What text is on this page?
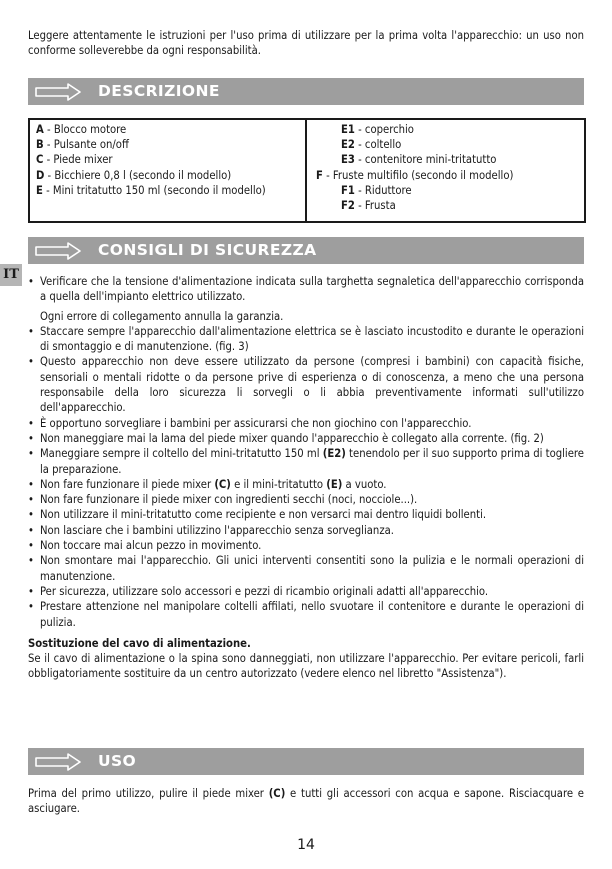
Leggere attentamente le istruzioni per l'uso prima di utilizzare per la prima volta l'apparecchio: un uso non conforme solleverebbe da ogni responsabilità.
DESCRIZIONE
A - Blocco motore
B - Pulsante on/off
C - Piede mixer
D - Bicchiere 0,8 l (secondo il modello)
E - Mini tritatutto 150 ml (secondo il modello)
E1 - coperchio
E2 - coltello
E3 - contenitore mini-tritatutto
F - Fruste multifilo (secondo il modello)
F1 - Riduttore
F2 - Frusta
CONSIGLI DI SICUREZZA
IT • Verificare che la tensione d'alimentazione indicata sulla targhetta segnaletica dell'apparecchio corrisponda a quella dell'impianto elettrico utilizzato.
Ogni errore di collegamento annulla la garanzia.
• Staccare sempre l'apparecchio dall'alimentazione elettrica se è lasciato incustodito e durante le operazioni di smontaggio e di manutenzione. (fig. 3)
• Questo apparecchio non deve essere utilizzato da persone (compresi i bambini) con capacità fisiche, sensoriali o mentali ridotte o da persone prive di esperienza o di conoscenza, a meno che una persona responsabile della loro sicurezza li sorvegli o li abbia preventivamente informati sull'utilizzo dell'apparecchio.
• È opportuno sorvegliare i bambini per assicurarsi che non giochino con l'apparecchio.
• Non maneggiare mai la lama del piede mixer quando l'apparecchio è collegato alla corrente. (fig. 2)
• Maneggiare sempre il coltello del mini-tritatutto 150 ml (E2) tenendolo per il suo supporto prima di togliere la preparazione.
• Non fare funzionare il piede mixer (C) e il mini-tritatutto (E) a vuoto.
• Non fare funzionare il piede mixer con ingredienti secchi (noci, nocciole...).
• Non utilizzare il mini-tritatutto come recipiente e non versarci mai dentro liquidi bollenti.
• Non lasciare che i bambini utilizzino l'apparecchio senza sorveglianza.
• Non toccare mai alcun pezzo in movimento.
• Non smontare mai l'apparecchio. Gli unici interventi consentiti sono la pulizia e le normali operazioni di manutenzione.
• Per sicurezza, utilizzare solo accessori e pezzi di ricambio originali adatti all'apparecchio.
• Prestare attenzione nel manipolare coltelli affilati, nello svuotare il contenitore e durante le operazioni di pulizia.
Sostituzione del cavo di alimentazione.
Se il cavo di alimentazione o la spina sono danneggiati, non utilizzare l'apparecchio. Per evitare pericoli, farli obbligatoriamente sostituire da un centro autorizzato (vedere elenco nel libretto "Assistenza").
USO
Prima del primo utilizzo, pulire il piede mixer (C) e tutti gli accessori con acqua e sapone. Risciacquare e asciugare.
14
